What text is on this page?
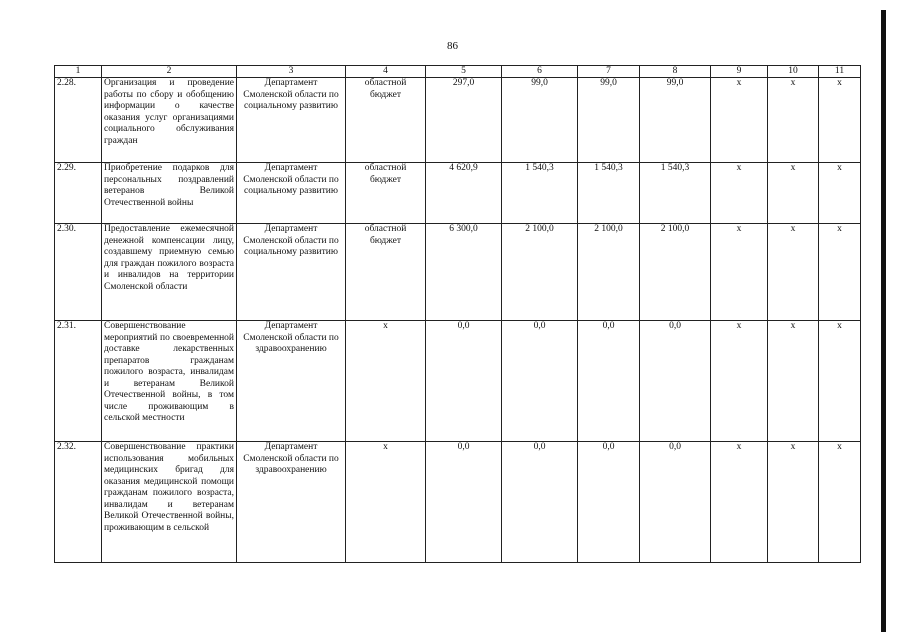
86
1	2	3	4	5	6	7	8	9	10	11
2.28.	Организация и проведение работы по сбору и обобщению информации о качестве оказания услуг организациями социального обслуживания граждан	Департамент Смоленской области по социальному развитию	областной бюджет	297,0	99,0	99,0	99,0	х	х	х
2.29.	Приобретение подарков для персональных поздравлений ветеранов Великой Отечественной войны	Департамент Смоленской области по социальному развитию	областной бюджет	4 620,9	1 540,3	1 540,3	1 540,3	х	х	х
2.30.	Предоставление ежемесячной денежной компенсации лицу, создавшему приемную семью для граждан пожилого возраста и инвалидов на территории Смоленской области	Департамент Смоленской области по социальному развитию	областной бюджет	6 300,0	2 100,0	2 100,0	2 100,0	х	х	х
2.31.	Совершенствование мероприятий по своевременной доставке лекарственных препаратов гражданам пожилого возраста, инвалидам и ветеранам Великой Отечественной войны, в том числе проживающим в сельской местности	Департамент Смоленской области по здравоохранению	х	0,0	0,0	0,0	0,0	х	х	х
2.32.	Совершенствование практики использования мобильных медицинских бригад для оказания медицинской помощи гражданам пожилого возраста, инвалидам и ветеранам Великой Отечественной войны, проживающим в сельской	Департамент Смоленской области по здравоохранению	х	0,0	0,0	0,0	0,0	х	х	х
